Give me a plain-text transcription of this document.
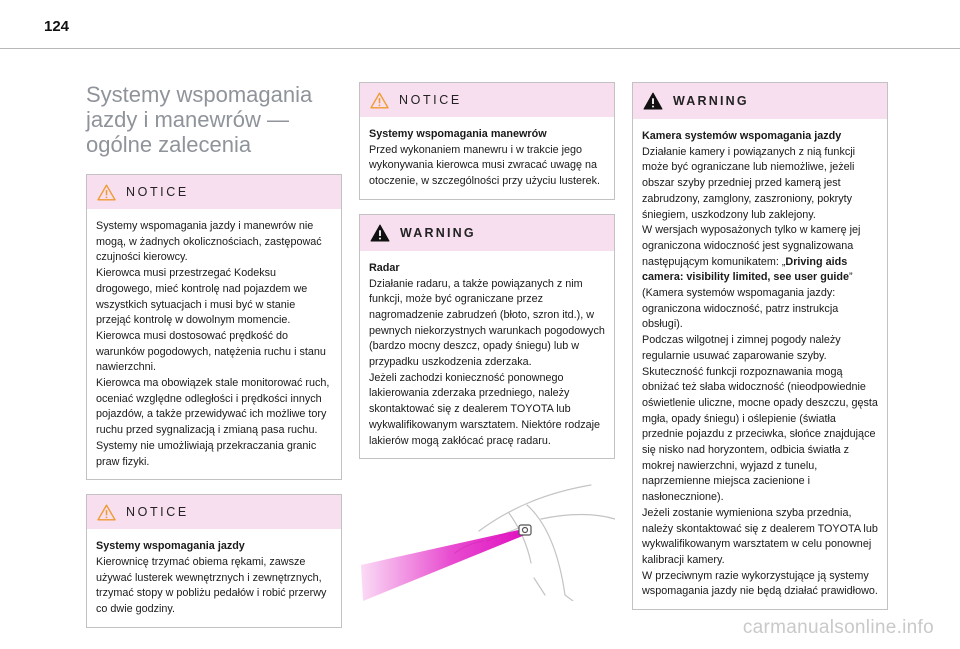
124
Systemy wspomagania jazdy i manewrów — ogólne zalecenia
NOTICE

Systemy wspomagania jazdy i manewrów nie mogą, w żadnych okolicznościach, zastępować czujności kierowcy.

Kierowca musi przestrzegać Kodeksu drogowego, mieć kontrolę nad pojazdem we wszystkich sytuacjach i musi być w stanie przejąć kontrolę w dowolnym momencie. Kierowca musi dostosować prędkość do warunków pogodowych, natężenia ruchu i stanu nawierzchni.

Kierowca ma obowiązek stale monitorować ruch, oceniać względne odległości i prędkości innych pojazdów, a także przewidywać ich możliwe tory ruchu przed sygnalizacją i zmianą pasa ruchu.

Systemy nie umożliwiają przekraczania granic praw fizyki.

NOTICE
Systemy wspomagania jazdy

Kierownicę trzymać obiema rękami, zawsze używać lusterek wewnętrznych i zewnętrznych, trzymać stopy w pobliżu pedałów i robić przerwy co dwie godziny.

NOTICE
Systemy wspomagania manewrów

Przed wykonaniem manewru i w trakcie jego wykonywania kierowca musi zwracać uwagę na otoczenie, w szczególności przy użyciu lusterek.

WARNING
Radar

Działanie radaru, a także powiązanych z nim funkcji, może być ograniczane przez nagromadzenie zabrudzeń (błoto, szron itd.), w pewnych niekorzystnych warunkach pogodowych (bardzo mocny deszcz, opady śniegu) lub w przypadku uszkodzenia zderzaka.

Jeżeli zachodzi konieczność ponownego lakierowania zderzaka przedniego, należy skontaktować się z dealerem TOYOTA lub wykwalifikowanym warsztatem. Niektóre rodzaje lakierów mogą zakłócać pracę radaru.

WARNING
Kamera systemów wspomagania jazdy

Działanie kamery i powiązanych z nią funkcji może być ograniczane lub niemożliwe, jeżeli obszar szyby przedniej przed kamerą jest zabrudzony, zamglony, zaszroniony, pokryty śniegiem, uszkodzony lub zaklejony.

W wersjach wyposażonych tylko w kamerę jej ograniczona widoczność jest sygnalizowana następującym komunikatem: „Driving aids camera: visibility limited, see user guide” (Kamera systemów wspomagania jazdy: ograniczona widoczność, patrz instrukcja obsługi).

Podczas wilgotnej i zimnej pogody należy regularnie usuwać zaparowanie szyby.

Skuteczność funkcji rozpoznawania mogą obniżać też słaba widoczność (nieodpowiednie oświetlenie uliczne, mocne opady deszczu, gęsta mgła, opady śniegu) i oślepienie (światła przednie pojazdu z przeciwka, słońce znajdujące się nisko nad horyzontem, odbicia światła z mokrej nawierzchni, wyjazd z tunelu, naprzemienne miejsca zacienione i nasłonecznione).

Jeżeli zostanie wymieniona szyba przednia, należy skontaktować się z dealerem TOYOTA lub wykwalifikowanym warsztatem w celu ponownej kalibracji kamery.

W przeciwnym razie wykorzystujące ją systemy wspomagania jazdy nie będą działać prawidłowo.

carmanualsonline.info
